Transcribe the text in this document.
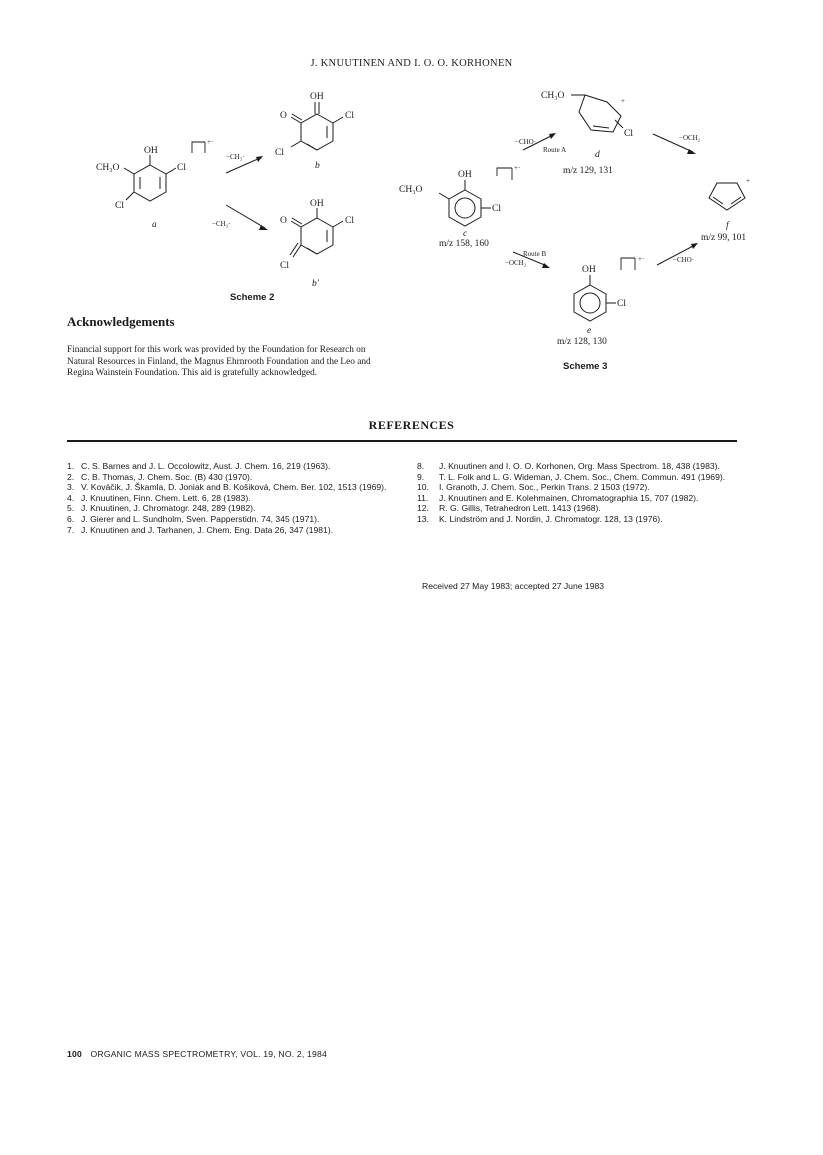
J. KNUUTINEN AND I. O. O. KORHONEN
OH
CH₃O	Cl
Cl
a
+·
−CH₃·
OH
O	Cl
Cl
b
−CH₃·
OH
O	Cl
Cl
b′
Scheme 2
CH₃O	+
Cl
d
m/z 129, 131
−CHO·
Route A
−OCH₂
OH
CH₃O
Cl
+·
c
m/z 158, 160
+
f
m/z 99, 101
Route B
−OCH₂	−CHO·
OH
Cl
+·
e
m/z 128, 130
Scheme 3
Acknowledgements
Financial support for this work was provided by the Foundation for Research on Natural Resources in Finland, the Magnus Ehrnrooth Foundation and the Leo and Regina Wainstein Foundation. This aid is gratefully acknowledged.
REFERENCES
1. C. S. Barnes and J. L. Occolowitz, Aust. J. Chem. 16, 219 (1963).
2. C. B. Thomas, J. Chem. Soc. (B) 430 (1970).
3. V. Kováčik, J. Škamla, D. Joniak and B. Košiková, Chem. Ber. 102, 1513 (1969).
4. J. Knuutinen, Finn. Chem. Lett. 6, 28 (1983).
5. J. Knuutinen, J. Chromatogr. 248, 289 (1982).
6. J. Gierer and L. Sundholm, Sven. Papperstidn. 74, 345 (1971).
7. J. Knuutinen and J. Tarhanen, J. Chem. Eng. Data 26, 347 (1981).
8. J. Knuutinen and I. O. O. Korhonen, Org. Mass Spectrom. 18, 438 (1983).
9. T. L. Folk and L. G. Wideman, J. Chem. Soc., Chem. Commun. 491 (1969).
10. I. Granoth, J. Chem. Soc., Perkin Trans. 2 1503 (1972).
11. J. Knuutinen and E. Kolehmainen, Chromatographia 15, 707 (1982).
12. R. G. Gillis, Tetrahedron Lett. 1413 (1968).
13. K. Lindström and J. Nordin, J. Chromatogr. 128, 13 (1976).
Received 27 May 1983; accepted 27 June 1983
100 ORGANIC MASS SPECTROMETRY, VOL. 19, NO. 2, 1984
